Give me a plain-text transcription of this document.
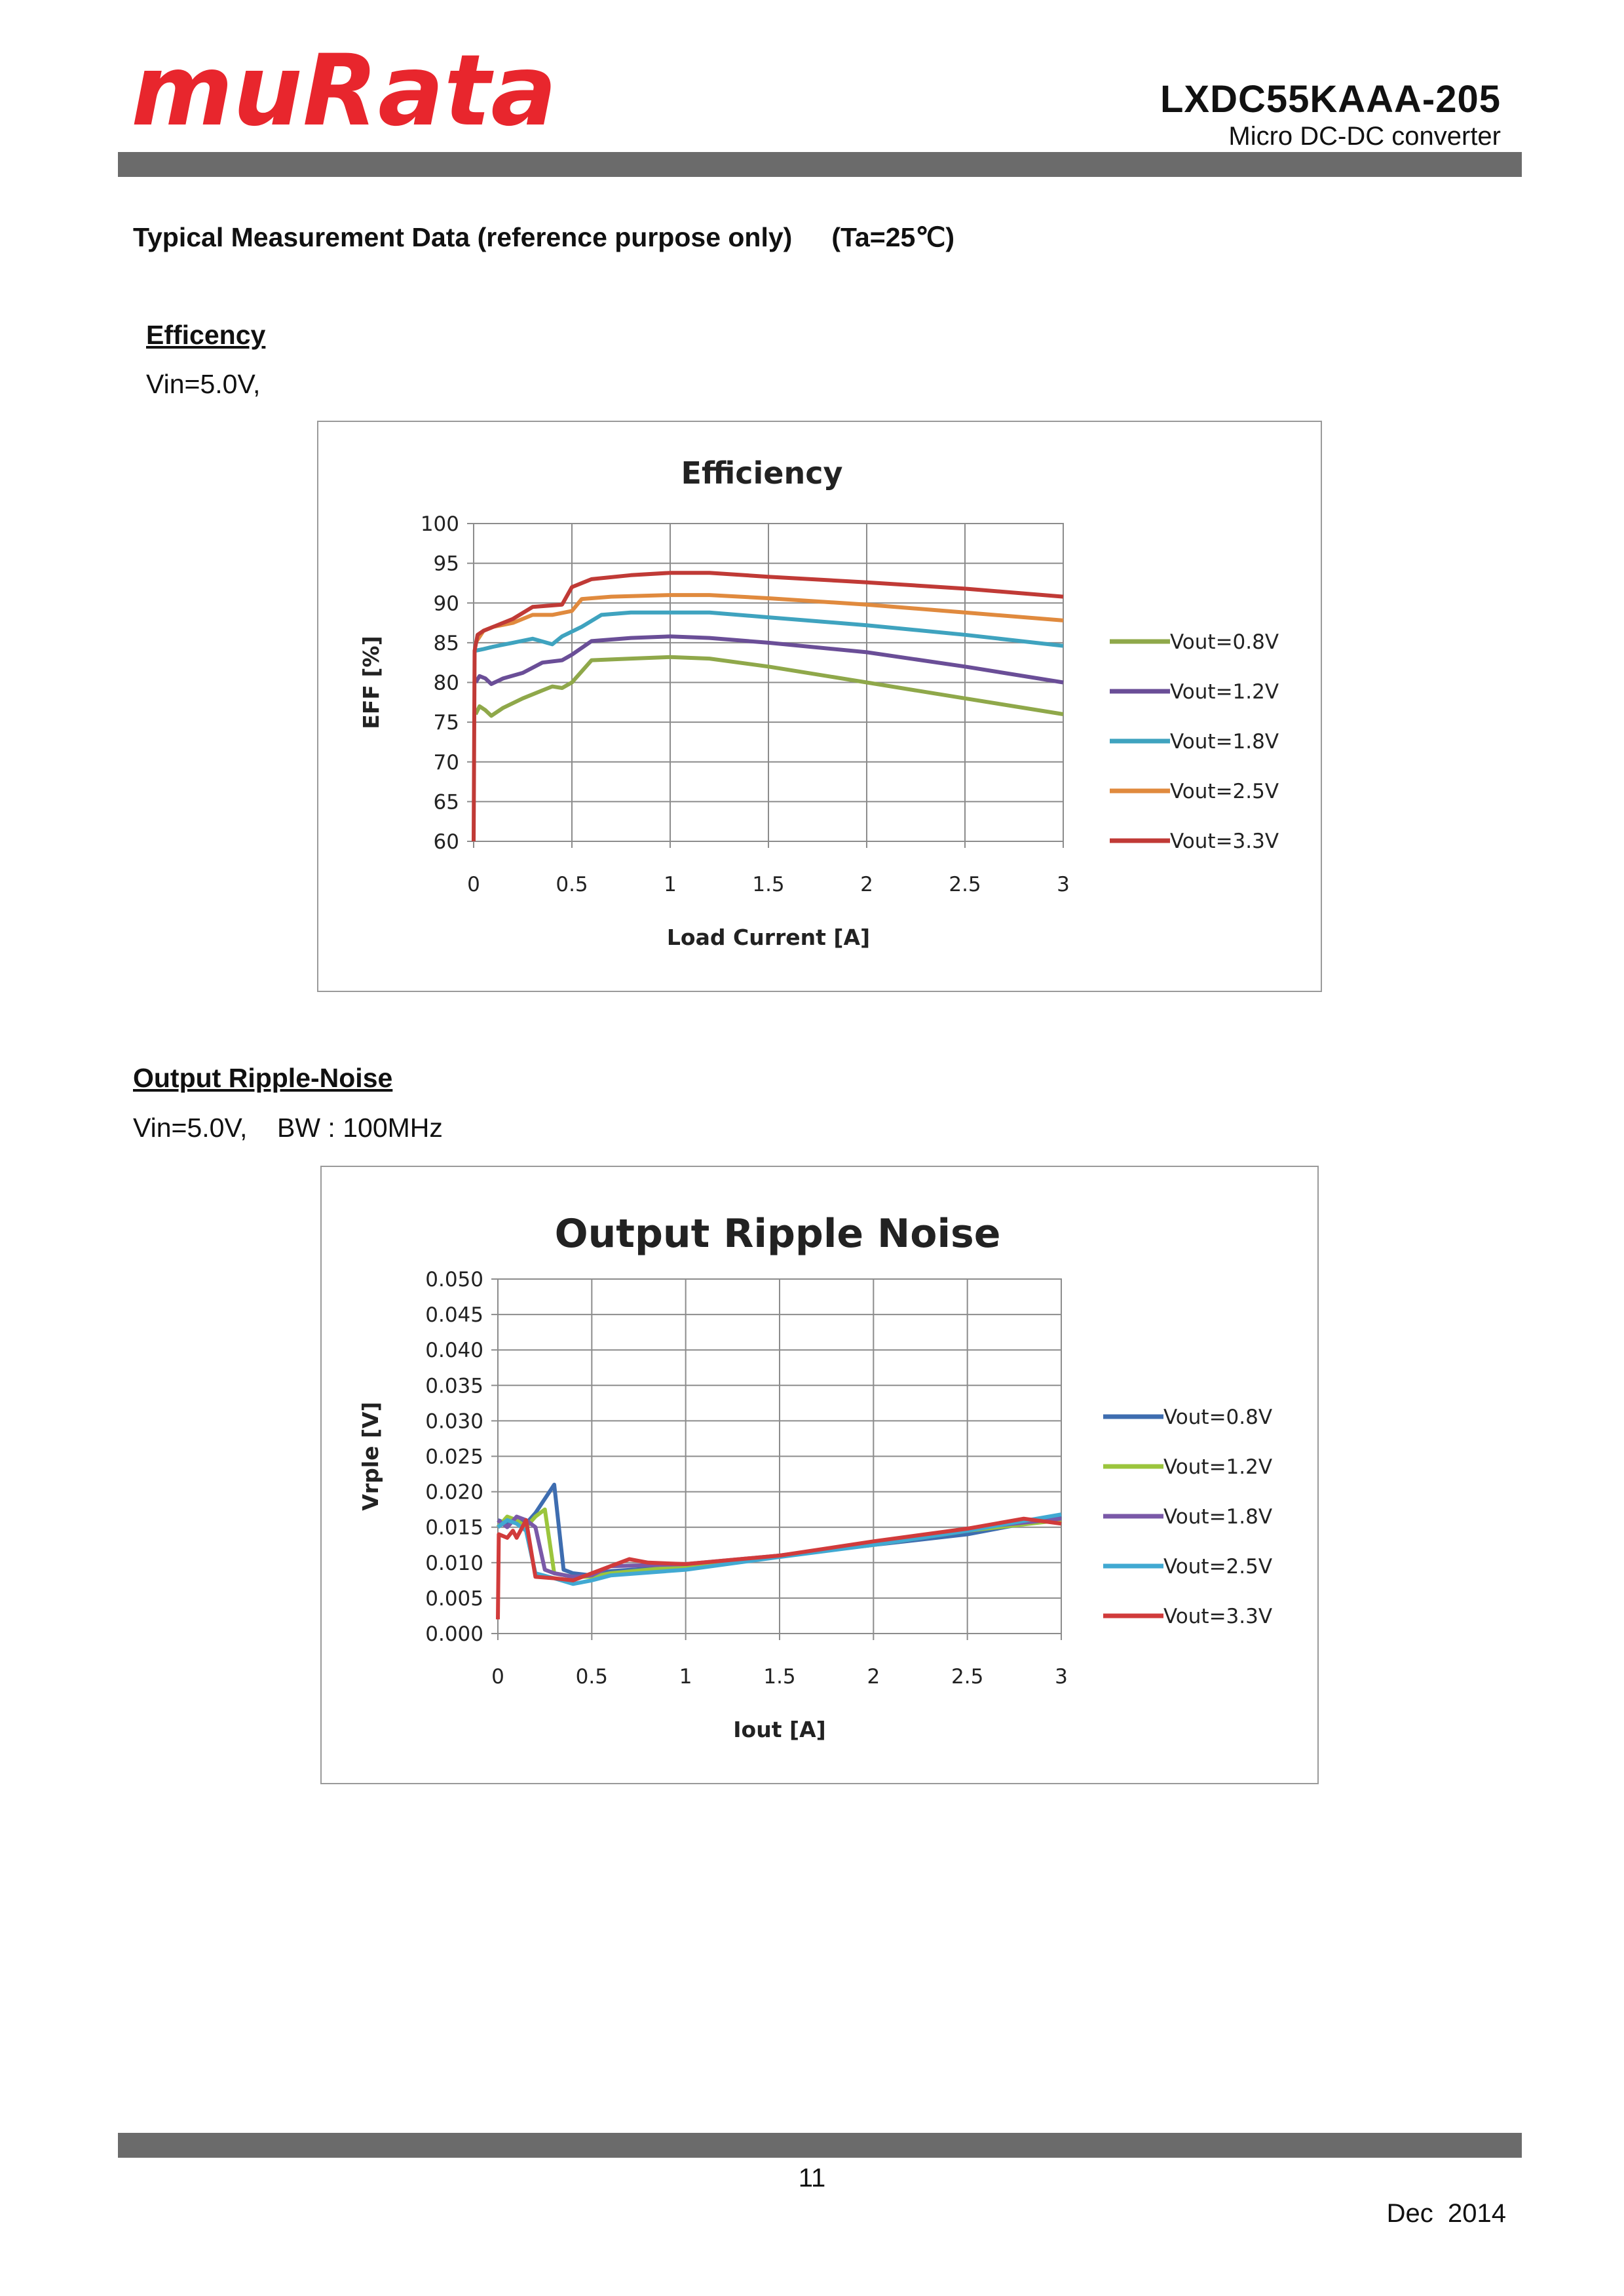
muRata	LXDC55KAAA-205
Micro DC-DC converter
Typical Measurement Data (reference purpose only) (Ta=25℃)
Efficency
Vin=5.0V,
Efficiency
100
95
90
85
80
75
70
65
60
0	0.5	1	1.5	2	2.5	3
Load Current [A]
EFF [%]	Vout=0.8V
Vout=1.2V
Vout=1.8V
Vout=2.5V
Vout=3.3V
Output Ripple-Noise
Vin=5.0V,    BW : 100MHz
Output Ripple Noise
0.050
0.045
0.040
0.035
0.030
0.025
0.020
0.015
0.010
0.005
0.000
0	0.5	1	1.5	2	2.5	3
Iout [A]
Vrple [V]	Vout=0.8V
Vout=1.2V
Vout=1.8V
Vout=2.5V
Vout=3.3V
11
Dec  2014
